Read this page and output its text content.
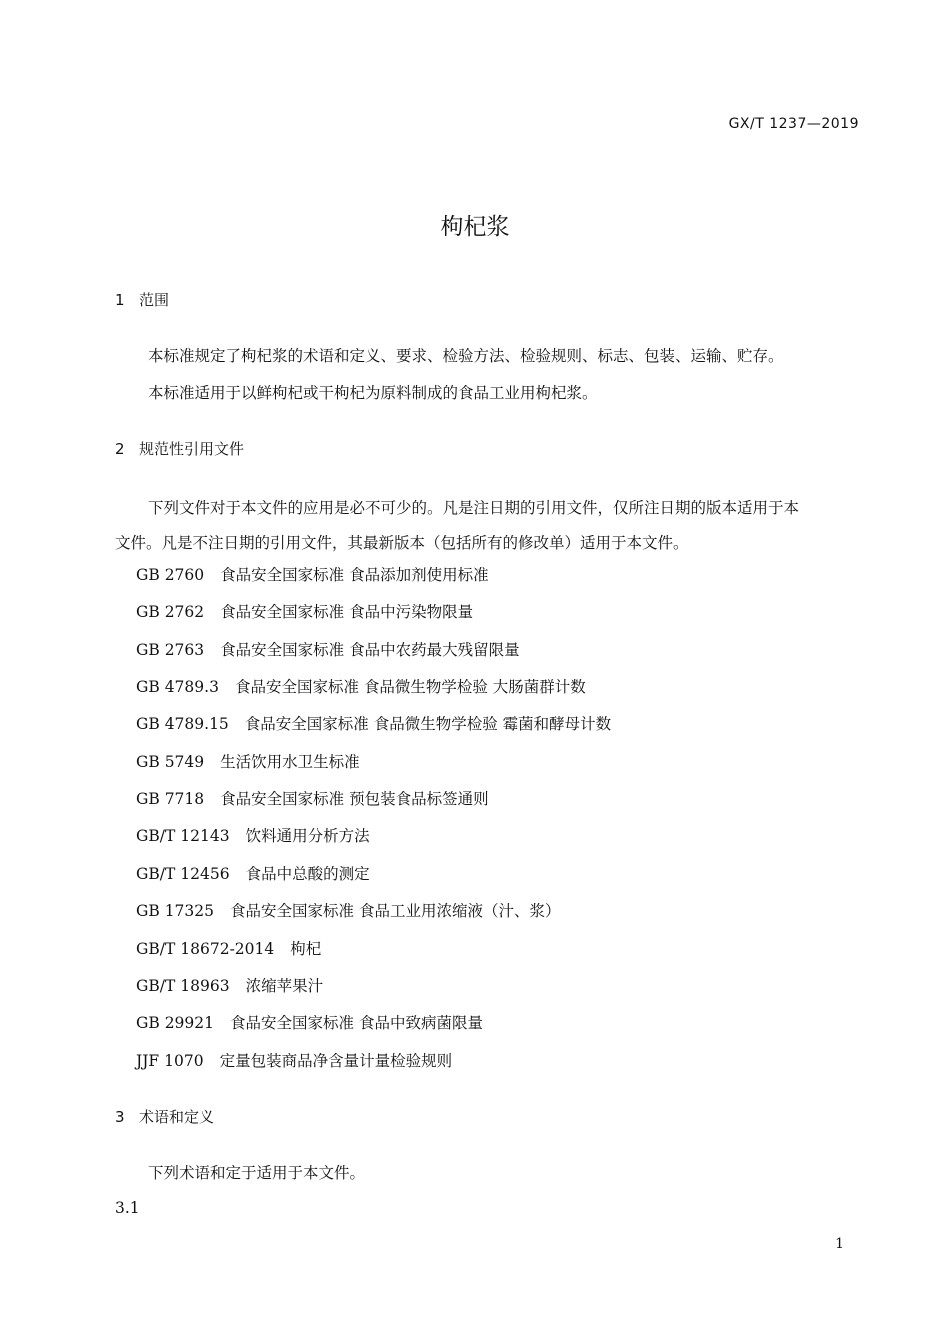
GX/T 1237—2019
枸杞浆
1 范围
本标准规定了枸杞浆的术语和定义、要求、检验方法、检验规则、标志、包装、运输、贮存。
本标准适用于以鲜枸杞或干枸杞为原料制成的食品工业用枸杞浆。
2 规范性引用文件
下列文件对于本文件的应用是必不可少的。凡是注日期的引用文件，仅所注日期的版本适用于本
文件。凡是不注日期的引用文件，其最新版本（包括所有的修改单）适用于本文件。
GB 2760 食品安全国家标准 食品添加剂使用标准
GB 2762 食品安全国家标准 食品中污染物限量
GB 2763 食品安全国家标准 食品中农药最大残留限量
GB 4789.3 食品安全国家标准 食品微生物学检验 大肠菌群计数
GB 4789.15 食品安全国家标准 食品微生物学检验 霉菌和酵母计数
GB 5749 生活饮用水卫生标准
GB 7718 食品安全国家标准 预包装食品标签通则
GB/T 12143 饮料通用分析方法
GB/T 12456 食品中总酸的测定
GB 17325 食品安全国家标准 食品工业用浓缩液（汁、浆）
GB/T 18672-2014 枸杞
GB/T 18963 浓缩苹果汁
GB 29921 食品安全国家标准 食品中致病菌限量
JJF 1070 定量包装商品净含量计量检验规则
3 术语和定义
下列术语和定于适用于本文件。
3.1
1
